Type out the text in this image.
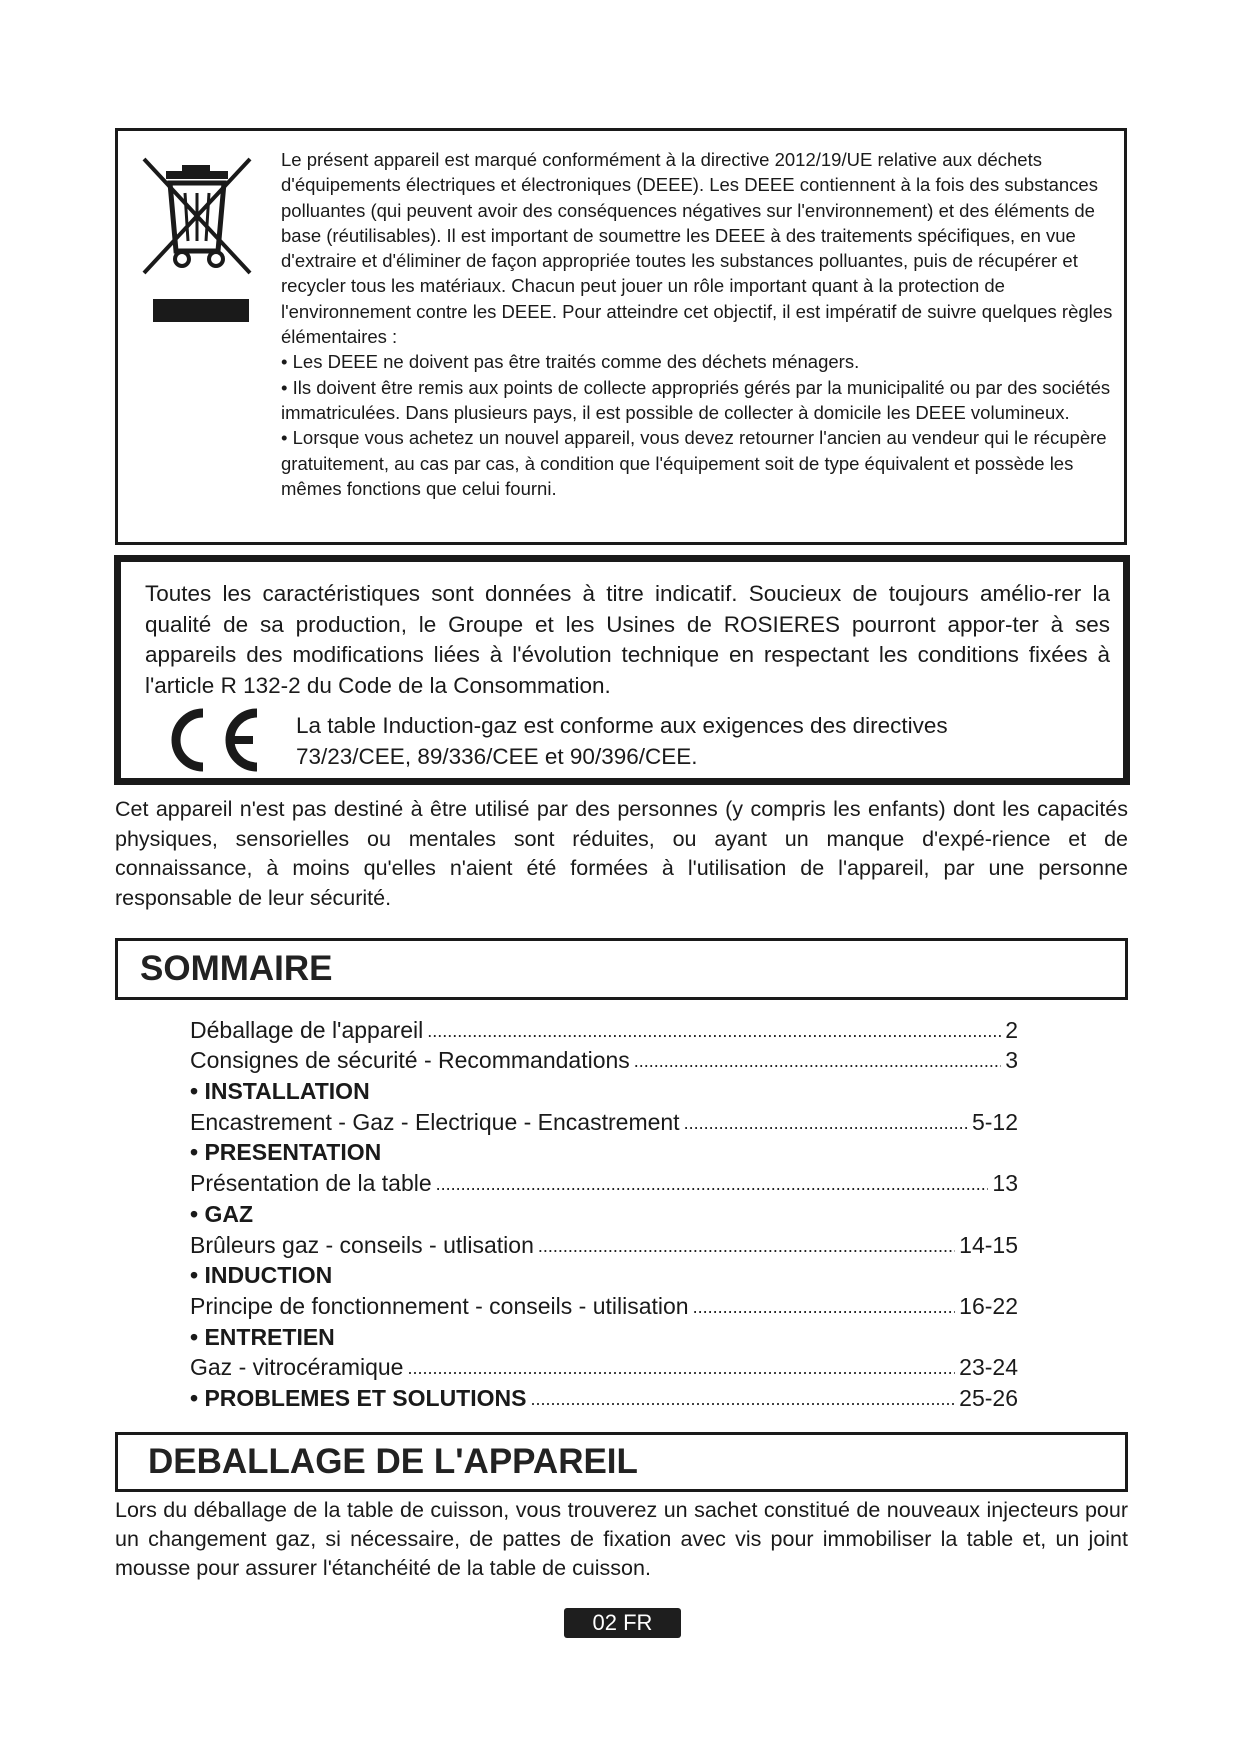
Le présent appareil est marqué conformément à la directive 2012/19/UE relative aux déchets d'équipements électriques et électroniques (DEEE). Les DEEE contiennent à la fois des substances polluantes (qui peuvent avoir des conséquences négatives sur l'environnement) et des éléments de base (réutilisables). Il est important de soumettre les DEEE à des traitements spécifiques, en vue d'extraire et d'éliminer de façon appropriée toutes les substances polluantes, puis de récupérer et recycler tous les matériaux. Chacun peut jouer un rôle important quant à la protection de l'environnement contre les DEEE. Pour atteindre cet objectif, il est impératif de suivre quelques règles élémentaires :

• Les DEEE ne doivent pas être traités comme des déchets ménagers.

• Ils doivent être remis aux points de collecte appropriés gérés par la municipalité ou par des sociétés immatriculées. Dans plusieurs pays, il est possible de collecter à domicile les DEEE volumineux.

• Lorsque vous achetez un nouvel appareil, vous devez retourner l'ancien au vendeur qui le récupère gratuitement, au cas par cas, à condition que l'équipement soit de type équivalent et possède les mêmes fonctions que celui fourni.

Toutes les caractéristiques sont données à titre indicatif. Soucieux de toujours amélio-rer la qualité de sa production, le Groupe et les Usines de ROSIERES pourront appor-ter à ses appareils des modifications liées à l'évolution technique en respectant les conditions fixées à l'article R 132-2 du Code de la Consommation.
La table Induction-gaz est conforme aux exigences des directives
73/23/CEE, 89/336/CEE et 90/396/CEE.

Cet appareil n'est pas destiné à être utilisé par des personnes (y compris les enfants) dont les capacités physiques, sensorielles ou mentales sont réduites, ou ayant un manque d'expé-rience et de connaissance, à moins qu'elles n'aient été formées à l'utilisation de l'appareil, par une personne responsable de leur sécurité.

SOMMAIRE
Déballage de l'appareil .....	2
Consignes de sécurité - Recommandations .....	3
• INSTALLATION
Encastrement - Gaz - Electrique - Encastrement .....	5-12
• PRESENTATION
Présentation de la table .....	13
• GAZ
Brûleurs gaz - conseils - utlisation .....	14-15
• INDUCTION
Principe de fonctionnement - conseils - utilisation .....	16-22
• ENTRETIEN
Gaz - vitrocéramique .....	23-24
• PROBLEMES ET SOLUTIONS .....	25-26
DEBALLAGE DE L'APPAREIL

Lors du déballage de la table de cuisson, vous trouverez un sachet constitué de nouveaux injecteurs pour un changement gaz, si nécessaire, de pattes de fixation avec vis pour immobiliser la table et, un joint mousse pour assurer l'étanchéité de la table de cuisson.

02 FR
